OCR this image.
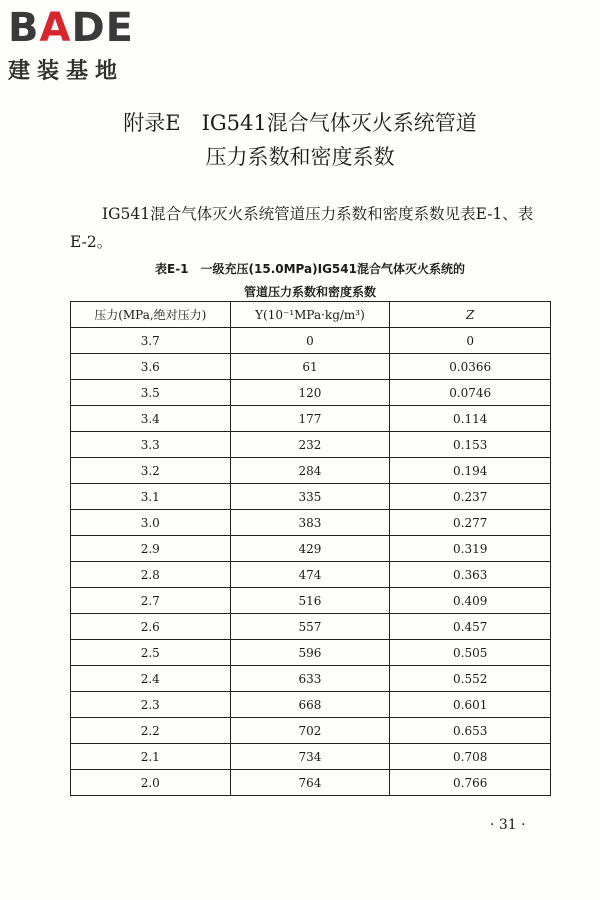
BADE
建装基地
附录E　IG541混合气体灭火系统管道
压力系数和密度系数
IG541混合气体灭火系统管道压力系数和密度系数见表E-1、表E-2。
表E-1　一级充压(15.0MPa)IG541混合气体灭火系统的
管道压力系数和密度系数
压力(MPa,绝对压力)	Y(10⁻¹MPa·kg/m³)	Z
3.7	0	0
3.6	61	0.0366
3.5	120	0.0746
3.4	177	0.114
3.3	232	0.153
3.2	284	0.194
3.1	335	0.237
3.0	383	0.277
2.9	429	0.319
2.8	474	0.363
2.7	516	0.409
2.6	557	0.457
2.5	596	0.505
2.4	633	0.552
2.3	668	0.601
2.2	702	0.653
2.1	734	0.708
2.0	764	0.766
· 31 ·
